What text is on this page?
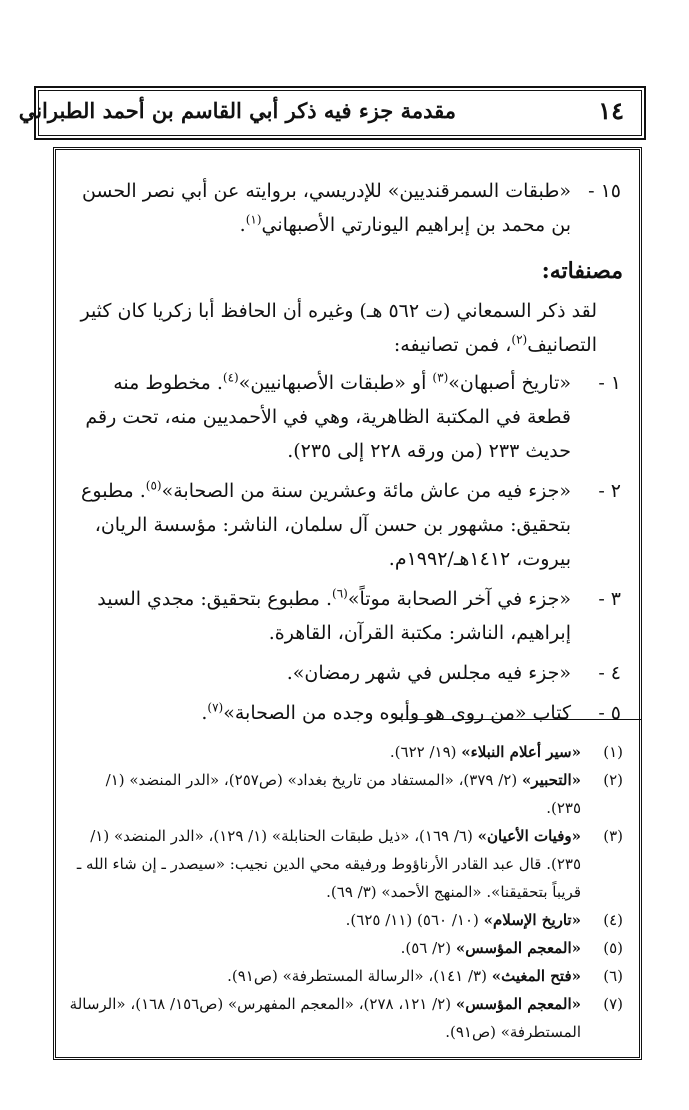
١٤
مقدمة جزء فيه ذكر أبي القاسم بن أحمد الطبراني
١٥ -
«طبقات السمرقنديين» للإدريسي، بروايته عن أبي نصر الحسن بن محمد بن إبراهيم اليونارتي الأصبهاني$^{(١)}$.
مصنفاته:

لقد ذكر السمعاني (ت ٥٦٢ هـ) وغيره أن الحافظ أبا زكريا كان كثير التصانيف$^{(٢)}$، فمن تصانيفه:

١ -
«تاريخ أصبهان»$^{(٣)}$ أو «طبقات الأصبهانيين»$^{(٤)}$. مخطوط منه قطعة في المكتبة الظاهرية، وهي في الأحمديين منه، تحت رقم حديث ٢٣٣ (من ورقه ٢٢٨ إلى ٢٣٥).
٢ -
«جزء فيه من عاش مائة وعشرين سنة من الصحابة»$^{(٥)}$. مطبوع بتحقيق: مشهور بن حسن آل سلمان، الناشر: مؤسسة الريان، بيروت، ١٤١٢هـ/١٩٩٢م.
٣ -
«جزء في آخر الصحابة موتاً»$^{(٦)}$. مطبوع بتحقيق: مجدي السيد إبراهيم، الناشر: مكتبة القرآن، القاهرة.
٤ -
«جزء فيه مجلس في شهر رمضان».
٥ -
كتاب «من روى هو وأبوه وجده من الصحابة»$^{(٧)}$.
(١)
«سير أعلام النبلاء» (١٩/ ٦٢٢).
(٢)
«التحبير» (٢/ ٣٧٩)، «المستفاد من تاريخ بغداد» (ص٢٥٧)، «الدر المنضد» (١/ ٢٣٥).
(٣)
«وفيات الأعيان» (٦/ ١٦٩)، «ذيل طبقات الحنابلة» (١/ ١٢٩)، «الدر المنضد» (١/ ٢٣٥). قال عبد القادر الأرناؤوط ورفيقه محي الدين نجيب: «سيصدر ـ إن شاء الله ـ قريباً بتحقيقنا». «المنهج الأحمد» (٣/ ٦٩).
(٤)
«تاريخ الإسلام» (١٠/ ٥٦٠) (١١/ ٦٢٥).
(٥)
«المعجم المؤسس» (٢/ ٥٦).
(٦)
«فتح المغيث» (٣/ ١٤١)، «الرسالة المستطرفة» (ص٩١).
(٧)
«المعجم المؤسس» (٢/ ١٢١، ٢٧٨)، «المعجم المفهرس» (ص١٥٦/ ١٦٨)، «الرسالة المستطرفة» (ص٩١).
